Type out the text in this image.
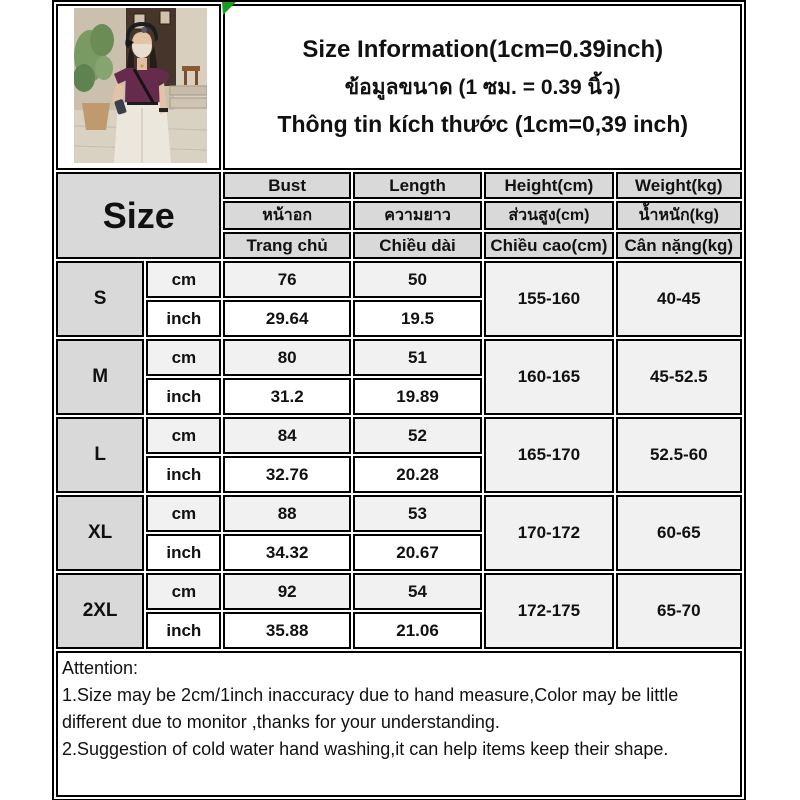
Size Information(1cm=0.39inch)
ข้อมูลขนาด (1 ซม. = 0.39 นิ้ว)
Thông tin kích thước (1cm=0,39 inch)			

Size		Bust	Length	Height(cm)	Weight(kg)
		หน้าอก	ความยาว	ส่วนสูง(cm)	น้ำหนัก(kg)
		Trang chủ	Chiều dài	Chiều cao(cm)	Cân nặng(kg)
S	cm	76	50	155-160	40-45
	inch	29.64	19.5		
M	cm	80	51	160-165	45-52.5
	inch	31.2	19.89		
L	cm	84	52	165-170	52.5-60
	inch	32.76	20.28		
XL	cm	88	53	170-172	60-65
	inch	34.32	20.67		
2XL	cm	92	54	172-175	65-70
	inch	35.88	21.06		

Attention:
1.Size may be 2cm/1inch inaccuracy due to hand measure,Color may be little different due to monitor ,thanks for your understanding.
2.Suggestion of cold water hand washing,it can help items keep their shape.					
